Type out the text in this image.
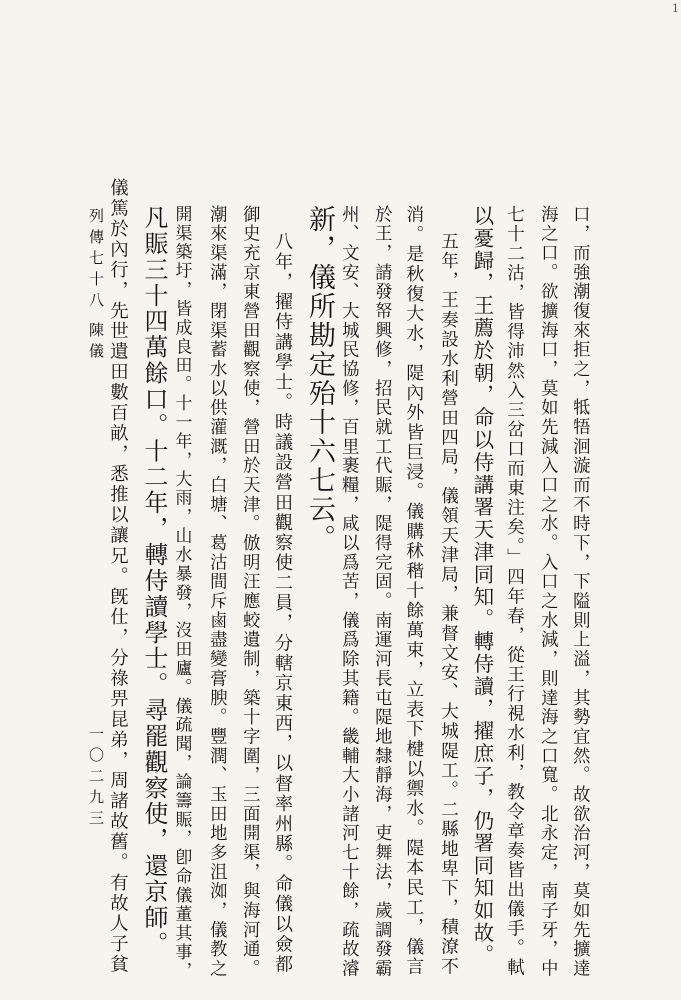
口，而強潮復來拒之，牴牾洄漩而不時下，下隘則上溢，其勢宜然。故欲治河，莫如先擴達
海之口。欲擴海口，莫如先減入口之水。入口之水減，則達海之口寬。北永定，南子牙，中
七十二沽，皆得沛然入三岔口而東注矣。」四年春，從王行視水利，教令章奏皆出儀手。軾
以憂歸，王薦於朝，命以侍講署天津同知。轉侍讀，擢庶子，仍署同知如故。
五年，王奏設水利營田四局，儀領天津局，兼督文安、大城隄工。二縣地卑下，積潦不
消。是秋復大水，隄內外皆巨浸。儀購秫稭十餘萬束，立表下楗以禦水。隄本民工，儀言
於王，請發帑興修，招民就工代賑，隄得完固。南運河長屯隄地隸靜海，吏舞法，歲調發霸
州、文安、大城民協修，百里裹糧，咸以爲苦，儀爲除其籍。畿輔大小諸河七十餘，疏故濬
新，儀所勘定殆十六七云。
八年，擢侍講學士。時議設營田觀察使二員，分轄京東西，以督率州縣。命儀以僉都
御史充京東營田觀察使，營田於天津。倣明汪應蛟遺制，築十字圍，三面開渠，與海河通。
潮來渠滿，閉渠蓄水以供灌溉，白塘、葛沽間斥鹵盡變膏腴。豐潤、玉田地多沮洳，儀教之
開渠築圩，皆成良田。十一年，大雨，山水暴發，沒田廬。儀疏聞，論籌賑，卽命儀董其事，
凡賑三十四萬餘口。十二年，轉侍讀學士。尋罷觀察使，還京師。
儀篤於內行，先世遺田數百畝，悉推以讓兄。旣仕，分祿畀昆弟，周諸故舊。有故人子貧
列傳七十八
陳儀
一〇二九三
1
